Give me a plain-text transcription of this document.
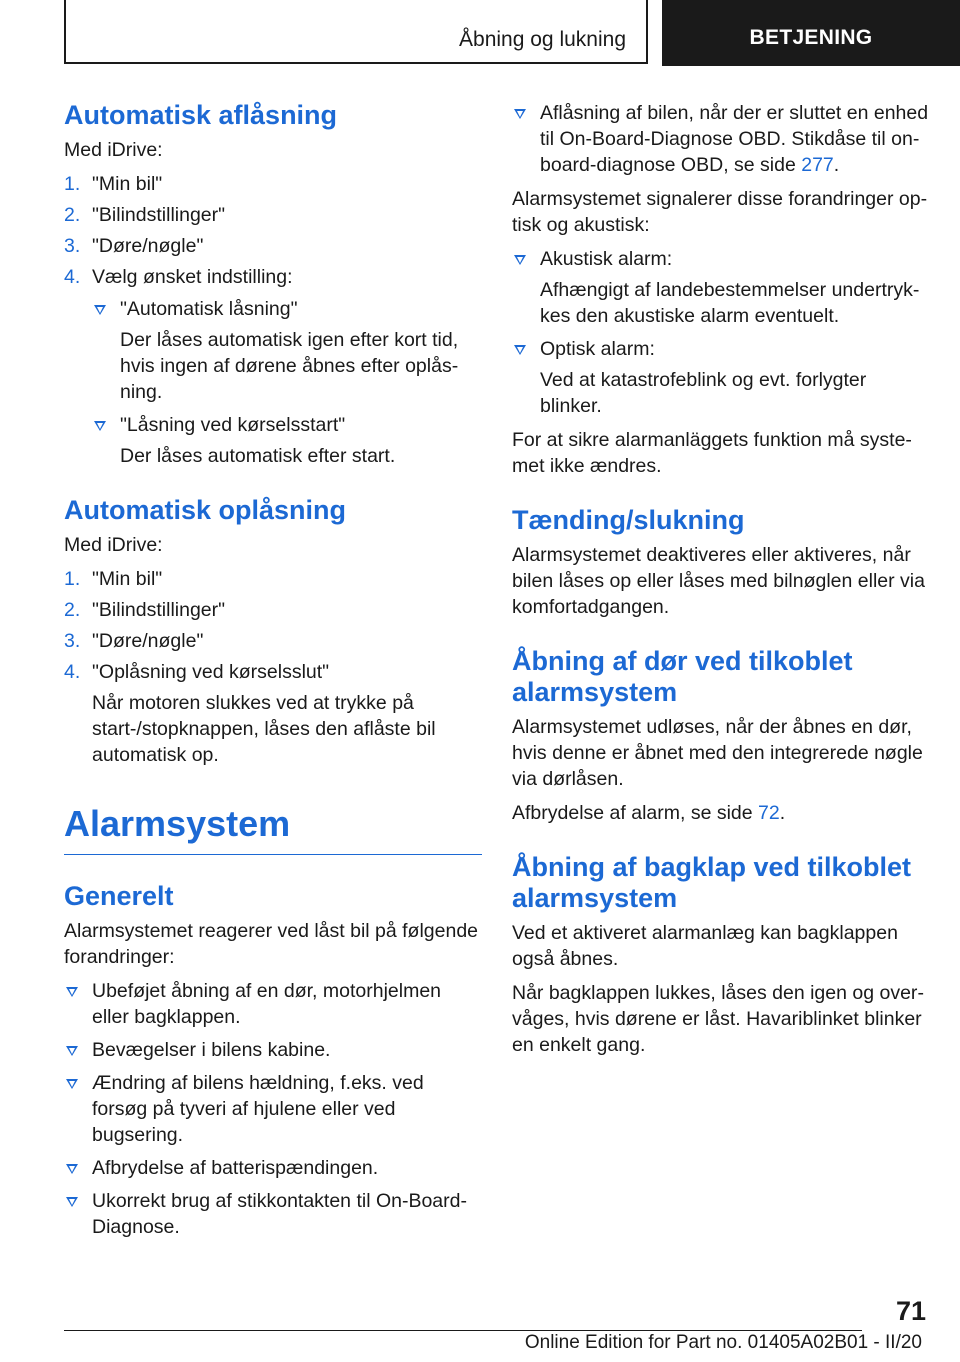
Åbning og lukning	BETJENING
Automatisk aflåsning

Med iDrive:

1. "Min bil"
2. "Bilindstillinger"
3. "Døre/nøgle"
4. Vælg ønsket indstilling:
"Automatisk låsning"
Der låses automatisk igen efter kort tid, hvis ingen af dørene åbnes efter oplåsning.
"Låsning ved kørselsstart"
Der låses automatisk efter start.
Automatisk oplåsning

Med iDrive:

1. "Min bil"
2. "Bilindstillinger"
3. "Døre/nøgle"
4. "Oplåsning ved kørselsslut"
Når motoren slukkes ved at trykke på start-/stopknappen, låses den aflåste bil automatisk op.
Alarmsystem
Generelt

Alarmsystemet reagerer ved låst bil på følgende forandringer:

Ubeføjet åbning af en dør, motorhjelmen eller bagklappen.
Bevægelser i bilens kabine.
Ændring af bilens hældning, f.eks. ved forsøg på tyveri af hjulene eller ved bugsering.
Afbrydelse af batterispændingen.
Ukorrekt brug af stikkontakten til On-Board-Diagnose.
Aflåsning af bilen, når der er sluttet en enhed til On-Board-Diagnose OBD. Stikdåse til on-board-diagnose OBD, se side 277.

Alarmsystemet signalerer disse forandringer optisk og akustisk:

Akustisk alarm:
Afhængigt af landebestemmelser undertrykkes den akustiske alarm eventuelt.
Optisk alarm:
Ved at katastrofeblink og evt. forlygter blinker.

For at sikre alarmanläggets funktion må systemet ikke ændres.

Tænding/slukning

Alarmsystemet deaktiveres eller aktiveres, når bilen låses op eller låses med bilnøglen eller via komfortadgangen.

Åbning af dør ved tilkoblet alarmsystem

Alarmsystemet udløses, når der åbnes en dør, hvis denne er åbnet med den integrerede nøgle via dørlåsen.

Afbrydelse af alarm, se side 72.

Åbning af bagklap ved tilkoblet alarmsystem

Ved et aktiveret alarmanlæg kan bagklappen også åbnes.

Når bagklappen lukkes, låses den igen og overvåges, hvis dørene er låst. Havariblinket blinker en enkelt gang.

71
Online Edition for Part no. 01405A02B01 - II/20
